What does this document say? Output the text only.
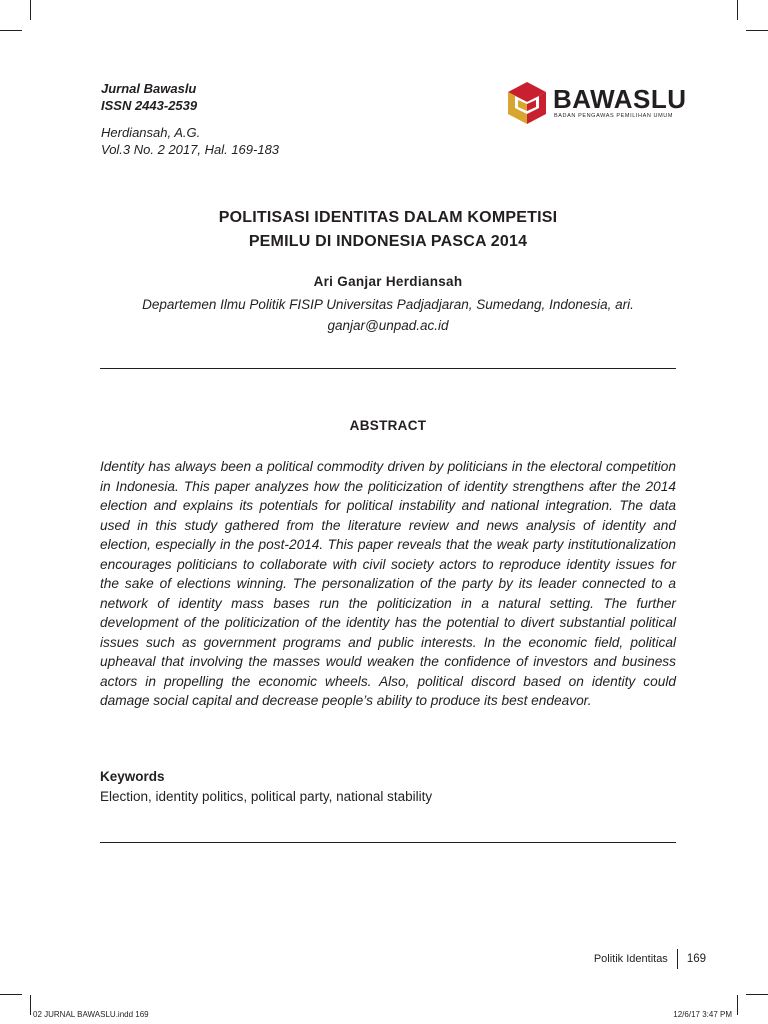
Jurnal Bawaslu
ISSN 2443-2539
Herdiansah, A.G.
Vol.3 No. 2 2017, Hal. 169-183
BAWASLU
BADAN PENGAWAS PEMILIHAN UMUM
POLITISASI IDENTITAS DALAM KOMPETISI
PEMILU DI INDONESIA PASCA 2014
Ari Ganjar Herdiansah
Departemen Ilmu Politik FISIP Universitas Padjadjaran, Sumedang, Indonesia, ari. ganjar@unpad.ac.id
ABSTRACT

Identity has always been a political commodity driven by politicians in the electoral competition in Indonesia. This paper analyzes how the politicization of identity strengthens after the 2014 election and explains its potentials for political instability and national integration. The data used in this study gathered from the literature review and news analysis of identity and election, especially in the post-2014. This paper reveals that the weak party institutionalization encourages politicians to collaborate with civil society actors to reproduce identity issues for the sake of elections winning. The personalization of the party by its leader connected to a network of identity mass bases run the politicization in a natural setting. The further development of the politicization of the identity has the potential to divert substantial political issues such as government programs and public interests. In the economic field, political upheaval that involving the masses would weaken the confidence of investors and business actors in propelling the economic wheels. Also, political discord based on identity could damage social capital and decrease people’s ability to produce its best endeavor.

Keywords
Election, identity politics, political party, national stability
Politik Identitas 169
02 JURNAL BAWASLU.indd 169	12/6/17 3:47 PM
